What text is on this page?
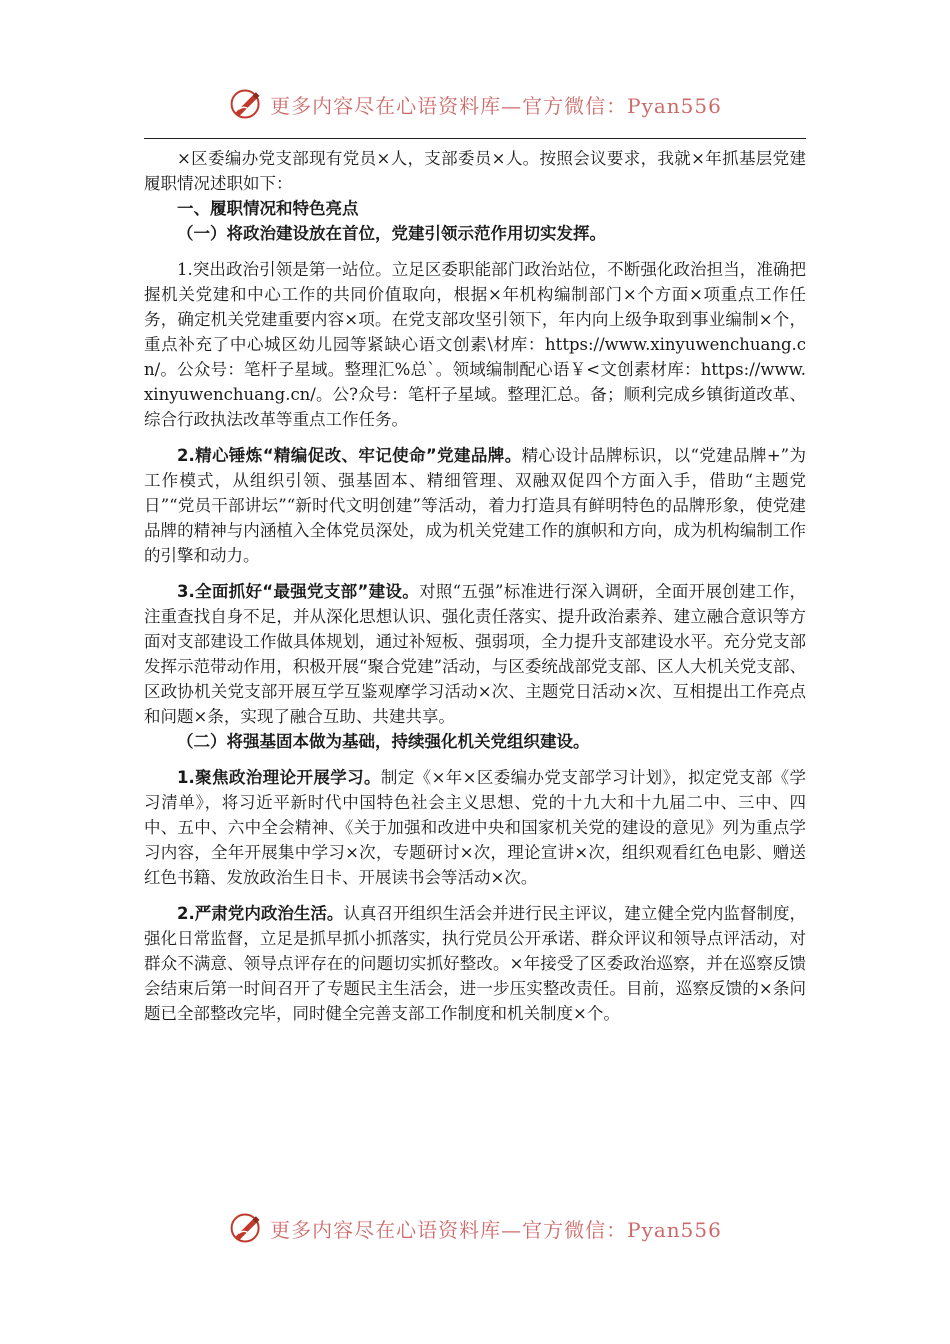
更多内容尽在心语资料库—官方微信：Pyan556

×区委编办党支部现有党员×人，支部委员×人。按照会议要求，我就×年抓基层党建履职情况述职如下：

一、履职情况和特色亮点

（一）将政治建设放在首位，党建引领示范作用切实发挥。

1.突出政治引领是第一站位。立足区委职能部门政治站位，不断强化政治担当，准确把握机关党建和中心工作的共同价值取向，根据×年机构编制部门×个方面×项重点工作任务，确定机关党建重要内容×项。在党支部攻坚引领下，年内向上级争取到事业编制×个，重点补充了中心城区幼儿园等紧缺心语文创素\材库：https://www.xinyuwenchuang.cn/。公众号：笔杆子星域。整理汇%总`。领域编制配心语￥<文创素材库：https://www.xinyuwenchuang.cn/。公?众号：笔杆子星域。整理汇总。备；顺利完成乡镇街道改革、综合行政执法改革等重点工作任务。

2.精心锤炼“精编促改、牢记使命”党建品牌。精心设计品牌标识，以“党建品牌+”为工作模式，从组织引领、强基固本、精细管理、双融双促四个方面入手，借助“主题党日”“党员干部讲坛”“新时代文明创建”等活动，着力打造具有鲜明特色的品牌形象，使党建品牌的精神与内涵植入全体党员深处，成为机关党建工作的旗帜和方向，成为机构编制工作的引擎和动力。

3.全面抓好“最强党支部”建设。对照“五强”标准进行深入调研，全面开展创建工作，注重查找自身不足，并从深化思想认识、强化责任落实、提升政治素养、建立融合意识等方面对支部建设工作做具体规划，通过补短板、强弱项，全力提升支部建设水平。充分党支部发挥示范带动作用，积极开展“聚合党建”活动，与区委统战部党支部、区人大机关党支部、区政协机关党支部开展互学互鉴观摩学习活动×次、主题党日活动×次、互相提出工作亮点和问题×条，实现了融合互助、共建共享。

（二）将强基固本做为基础，持续强化机关党组织建设。

1.聚焦政治理论开展学习。制定《×年×区委编办党支部学习计划》，拟定党支部《学习清单》，将习近平新时代中国特色社会主义思想、党的十九大和十九届二中、三中、四中、五中、六中全会精神、《关于加强和改进中央和国家机关党的建设的意见》列为重点学习内容，全年开展集中学习×次，专题研讨×次，理论宣讲×次，组织观看红色电影、赠送红色书籍、发放政治生日卡、开展读书会等活动×次。

2.严肃党内政治生活。认真召开组织生活会并进行民主评议，建立健全党内监督制度，强化日常监督，立足是抓早抓小抓落实，执行党员公开承诺、群众评议和领导点评活动，对群众不满意、领导点评存在的问题切实抓好整改。×年接受了区委政治巡察，并在巡察反馈会结束后第一时间召开了专题民主生活会，进一步压实整改责任。目前，巡察反馈的×条问题已全部整改完毕，同时健全完善支部工作制度和机关制度×个。

更多内容尽在心语资料库—官方微信：Pyan556
